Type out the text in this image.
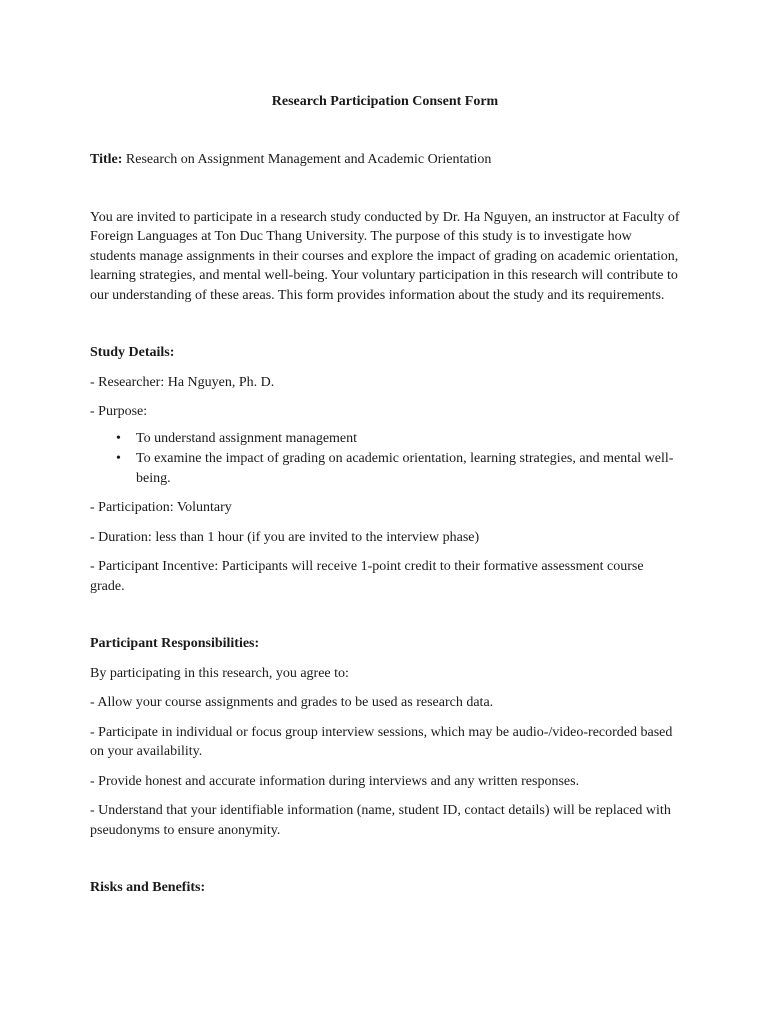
Research Participation Consent Form

Title: Research on Assignment Management and Academic Orientation

You are invited to participate in a research study conducted by Dr. Ha Nguyen, an instructor at Faculty of Foreign Languages at Ton Duc Thang University. The purpose of this study is to investigate how students manage assignments in their courses and explore the impact of grading on academic orientation, learning strategies, and mental well-being. Your voluntary participation in this research will contribute to our understanding of these areas. This form provides information about the study and its requirements.

Study Details:

- Researcher: Ha Nguyen, Ph. D.

- Purpose:

• To understand assignment management
• To examine the impact of grading on academic orientation, learning strategies, and mental well-being.

- Participation: Voluntary

- Duration: less than 1 hour (if you are invited to the interview phase)

- Participant Incentive: Participants will receive 1-point credit to their formative assessment course grade.

Participant Responsibilities:

By participating in this research, you agree to:

- Allow your course assignments and grades to be used as research data.

- Participate in individual or focus group interview sessions, which may be audio-/video-recorded based on your availability.

- Provide honest and accurate information during interviews and any written responses.

- Understand that your identifiable information (name, student ID, contact details) will be replaced with pseudonyms to ensure anonymity.

Risks and Benefits:
